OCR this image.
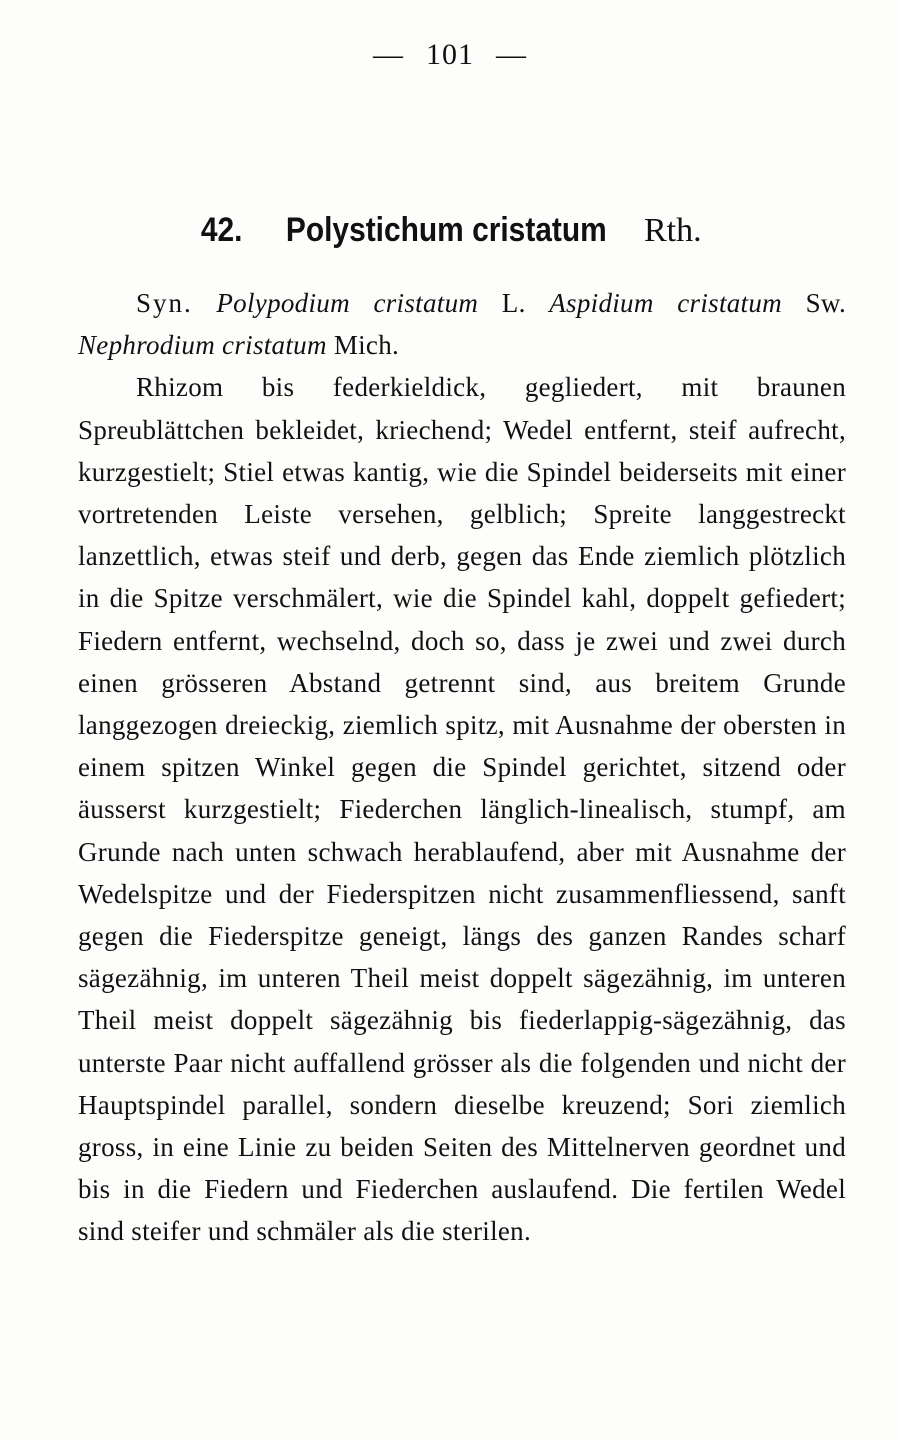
— 101 —
42. Polystichum cristatum Rth.

Syn. Polypodium cristatum L. Aspidium cristatum Sw. Nephrodium cristatum Mich.

Rhizom bis federkieldick, gegliedert, mit braunen Spreublättchen bekleidet, kriechend; Wedel entfernt, steif aufrecht, kurzgestielt; Stiel etwas kantig, wie die Spindel beiderseits mit einer vortretenden Leiste versehen, gelblich; Spreite langgestreckt lanzettlich, etwas steif und derb, gegen das Ende ziemlich plötzlich in die Spitze verschmälert, wie die Spindel kahl, doppelt gefiedert; Fiedern entfernt, wechselnd, doch so, dass je zwei und zwei durch einen grösseren Abstand getrennt sind, aus breitem Grunde langgezogen dreieckig, ziemlich spitz, mit Ausnahme der obersten in einem spitzen Winkel gegen die Spindel gerichtet, sitzend oder äusserst kurzgestielt; Fiederchen länglich-linealisch, stumpf, am Grunde nach unten schwach herablaufend, aber mit Ausnahme der Wedelspitze und der Fiederspitzen nicht zusammenfliessend, sanft gegen die Fiederspitze geneigt, längs des ganzen Randes scharf sägezähnig, im unteren Theil meist doppelt sägezähnig, im unteren Theil meist doppelt sägezähnig bis fiederlappig-sägezähnig, das unterste Paar nicht auffallend grösser als die folgenden und nicht der Hauptspindel parallel, sondern dieselbe kreuzend; Sori ziemlich gross, in eine Linie zu beiden Seiten des Mittelnerven geordnet und bis in die Fiedern und Fiederchen auslaufend. Die fertilen Wedel sind steifer und schmäler als die sterilen.
